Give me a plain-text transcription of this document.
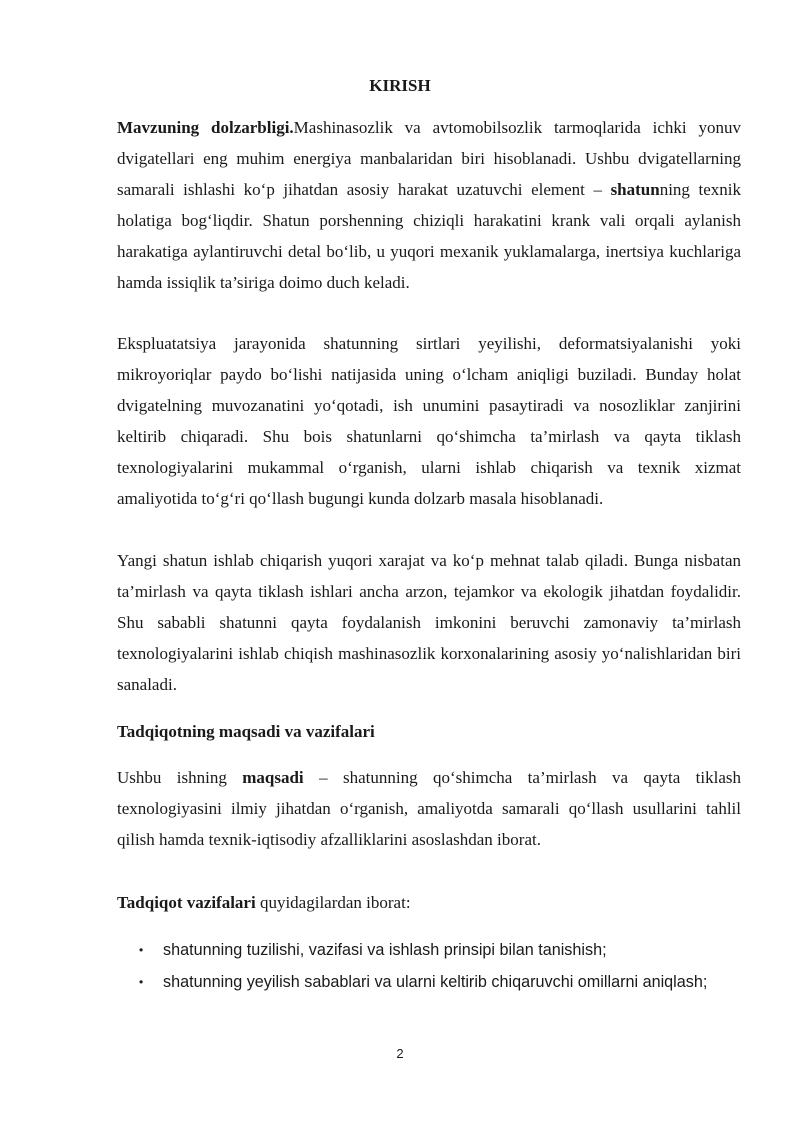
KIRISH

Mavzuning dolzarbligi.Mashinasozlik va avtomobilsozlik tarmoqlarida ichki yonuv dvigatellari eng muhim energiya manbalaridan biri hisoblanadi. Ushbu dvigatellarning samarali ishlashi ko‘p jihatdan asosiy harakat uzatuvchi element – shatunning texnik holatiga bog‘liqdir. Shatun porshenning chiziqli harakatini krank vali orqali aylanish harakatiga aylantiruvchi detal bo‘lib, u yuqori mexanik yuklamalarga, inertsiya kuchlariga hamda issiqlik ta’siriga doimo duch keladi.

Ekspluatatsiya jarayonida shatunning sirtlari yeyilishi, deformatsiyalanishi yoki mikroyoriqlar paydo bo‘lishi natijasida uning o‘lcham aniqligi buziladi. Bunday holat dvigatelning muvozanatini yo‘qotadi, ish unumini pasaytiradi va nosozliklar zanjirini keltirib chiqaradi. Shu bois shatunlarni qo‘shimcha ta’mirlash va qayta tiklash texnologiyalarini mukammal o‘rganish, ularni ishlab chiqarish va texnik xizmat amaliyotida to‘g‘ri qo‘llash bugungi kunda dolzarb masala hisoblanadi.

Yangi shatun ishlab chiqarish yuqori xarajat va ko‘p mehnat talab qiladi. Bunga nisbatan ta’mirlash va qayta tiklash ishlari ancha arzon, tejamkor va ekologik jihatdan foydalidir. Shu sababli shatunni qayta foydalanish imkonini beruvchi zamonaviy ta’mirlash texnologiyalarini ishlab chiqish mashinasozlik korxonalarining asosiy yo‘nalishlaridan biri sanaladi.

Tadqiqotning maqsadi va vazifalari

Ushbu ishning maqsadi – shatunning qo‘shimcha ta’mirlash va qayta tiklash texnologiyasini ilmiy jihatdan o‘rganish, amaliyotda samarali qo‘llash usullarini tahlil qilish hamda texnik-iqtisodiy afzalliklarini asoslashdan iborat.

Tadqiqot vazifalari quyidagilardan iborat:

• shatunning tuzilishi, vazifasi va ishlash prinsipi bilan tanishish;
• shatunning yeyilish sabablari va ularni keltirib chiqaruvchi omillarni aniqlash;
2
